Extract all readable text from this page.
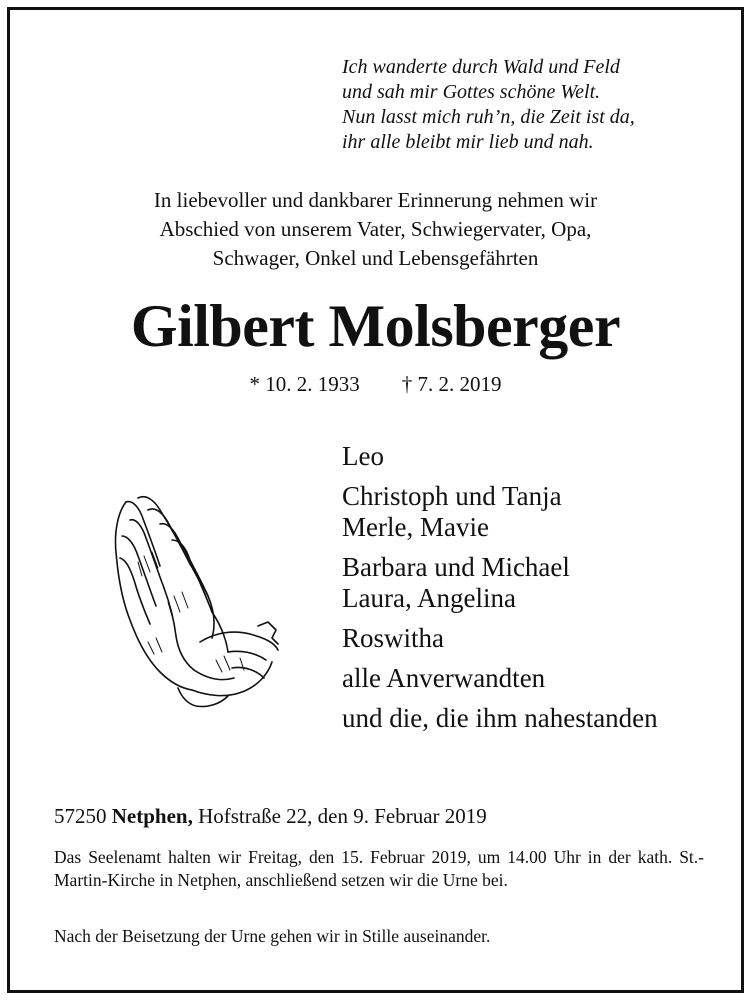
Ich wanderte durch Wald und Feld
und sah mir Gottes schöne Welt.
Nun lasst mich ruh’n, die Zeit ist da,
ihr alle bleibt mir lieb und nah.
In liebevoller und dankbarer Erinnerung nehmen wir
Abschied von unserem Vater, Schwiegervater, Opa,
Schwager, Onkel und Lebensgefährten
Gilbert Molsberger
* 10. 2. 1933 † 7. 2. 2019
Leo
Christoph und Tanja
Merle, Mavie
Barbara und Michael
Laura, Angelina
Roswitha
alle Anverwandten
und die, die ihm nahestanden
57250 Netphen, Hofstraße 22, den 9. Februar 2019
Das Seelenamt halten wir Freitag, den 15. Februar 2019, um 14.00 Uhr in der kath. St.-Martin-Kirche in Netphen, anschließend setzen wir die Urne bei.
Nach der Beisetzung der Urne gehen wir in Stille auseinander.
